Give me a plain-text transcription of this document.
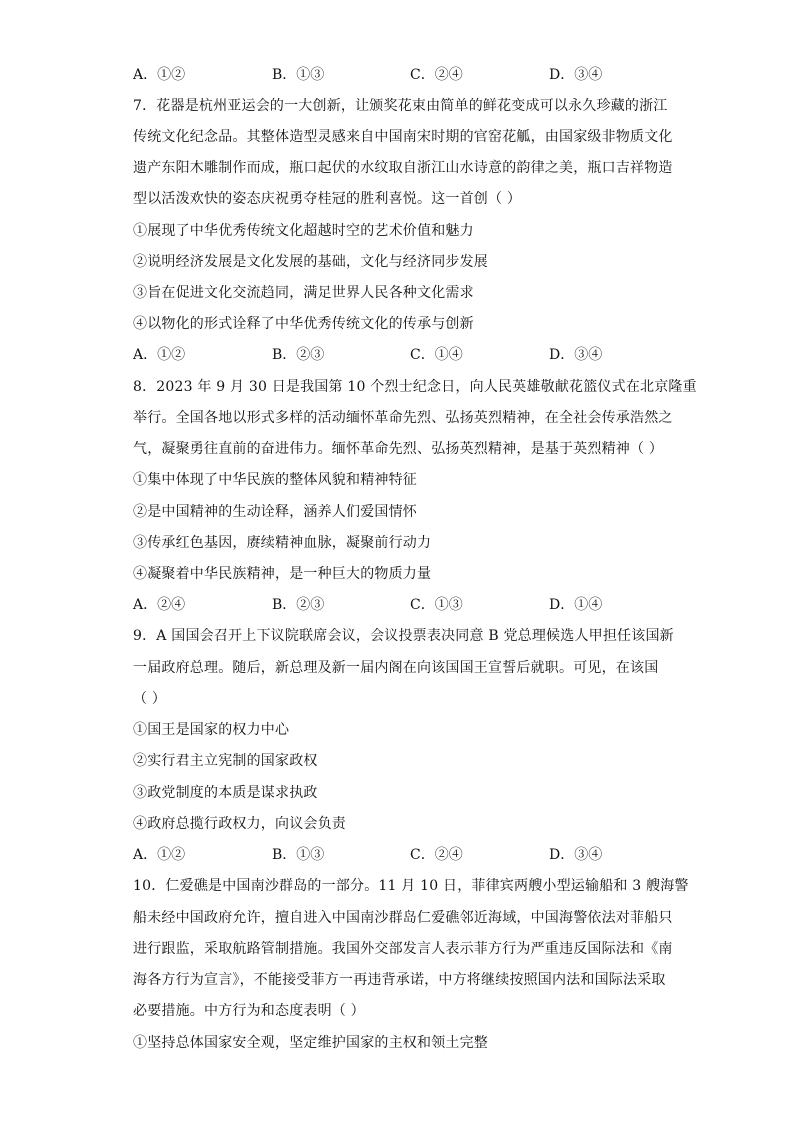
A．①②	B．①③	C．②④	D．③④
7．花器是杭州亚运会的一大创新，让颁奖花束由简单的鲜花变成可以永久珍藏的浙江
传统文化纪念品。其整体造型灵感来自中国南宋时期的官窑花觚，由国家级非物质文化
遗产东阳木雕制作而成，瓶口起伏的水纹取自浙江山水诗意的韵律之美，瓶口吉祥物造
型以活泼欢快的姿态庆祝勇夺桂冠的胜利喜悦。这一首创（ ）
①展现了中华优秀传统文化超越时空的艺术价值和魅力
②说明经济发展是文化发展的基础，文化与经济同步发展
③旨在促进文化交流趋同，满足世界人民各种文化需求
④以物化的形式诠释了中华优秀传统文化的传承与创新
A．①②	B．②③	C．①④	D．③④
8．2023 年 9 月 30 日是我国第 10 个烈士纪念日，向人民英雄敬献花篮仪式在北京隆重
举行。全国各地以形式多样的活动缅怀革命先烈、弘扬英烈精神，在全社会传承浩然之
气，凝聚勇往直前的奋进伟力。缅怀革命先烈、弘扬英烈精神，是基于英烈精神（ ）
①集中体现了中华民族的整体风貌和精神特征
②是中国精神的生动诠释，涵养人们爱国情怀
③传承红色基因，赓续精神血脉，凝聚前行动力
④凝聚着中华民族精神，是一种巨大的物质力量
A．②④	B．②③	C．①③	D．①④
9．A 国国会召开上下议院联席会议，会议投票表决同意 B 党总理候选人甲担任该国新
一届政府总理。随后，新总理及新一届内阁在向该国国王宣誓后就职。可见，在该国
（ ）
①国王是国家的权力中心
②实行君主立宪制的国家政权
③政党制度的本质是谋求执政
④政府总揽行政权力，向议会负责
A．①②	B．①③	C．②④	D．③④
10．仁爱礁是中国南沙群岛的一部分。11 月 10 日，菲律宾两艘小型运输船和 3 艘海警
船未经中国政府允许，擅自进入中国南沙群岛仁爱礁邻近海域，中国海警依法对菲船只
进行跟监，采取航路管制措施。我国外交部发言人表示菲方行为严重违反国际法和《南
海各方行为宣言》，不能接受菲方一再违背承诺，中方将继续按照国内法和国际法采取
必要措施。中方行为和态度表明（ ）
①坚持总体国家安全观，坚定维护国家的主权和领土完整
